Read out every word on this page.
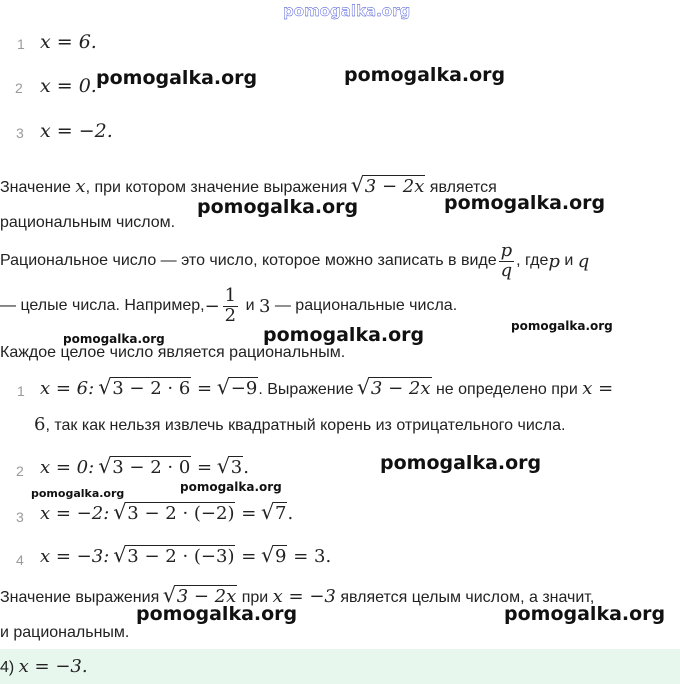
pomogalka.org
1 x = 6.
2 x = 0.
3 x = −2.
Значение x, при котором значение выражения √ 3 − 2x является
рациональным числом.
Рациональное число — это число, которое можно записать в виде $\frac{p}{q}$ , где p и q
— целые числа. Например, − $\frac{1}{2}$ и 3 — рациональные числа.
Каждое целое число является рациональным.
1 x = 6: √ 3 − 2 · 6 = √ −9. Выражение √ 3 − 2x не определено при x =
6, так как нельзя извлечь квадратный корень из отрицательного числа.
2 x = 0: √ 3 − 2 · 0 = √ 3.
3 x = −2: √ 3 − 2 · (−2) = √ 7.
4 x = −3: √ 3 − 2 · (−3) = √ 9 = 3.
Значение выражения √ 3 − 2x при x = −3 является целым числом, а значит,
и рациональным.
4) x = −3.
pomogalka.org	pomogalka.org
pomogalka.org	pomogalka.org
pomogalka.org
pomogalka.org
pomogalka.org
pomogalka.org
pomogalka.org
pomogalka.org
pomogalka.org	pomogalka.org
